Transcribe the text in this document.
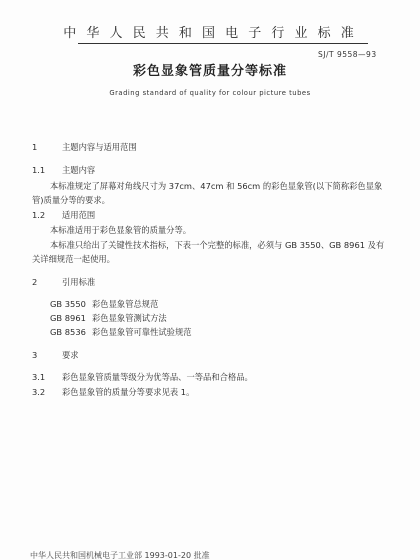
中 华 人 民 共 和 国 电 子 行 业 标 准
SJ/T 9558—93
彩色显象管质量分等标准
Grading standard of quality for colour picture tubes
1	主题内容与适用范围
1.1 主题内容
本标准规定了屏幕对角线尺寸为 37cm、47cm 和 56cm 的彩色显象管(以下简称彩色显象
管)质量分等的要求。
1.2 适用范围
本标准适用于彩色显象管的质量分等。
本标准只给出了关键性技术指标，下表一个完整的标准，必须与 GB 3550、GB 8961 及有
关详细规范一起使用。
2	引用标准
GB 3550 彩色显象管总规范
GB 8961 彩色显象管测试方法
GB 8536 彩色显象管可靠性试验规范
3	要求
3.1 彩色显象管质量等级分为优等品、一等品和合格品。
3.2 彩色显象管的质量分等要求见表 1。
中华人民共和国机械电子工业部 1993-01-20 批准
